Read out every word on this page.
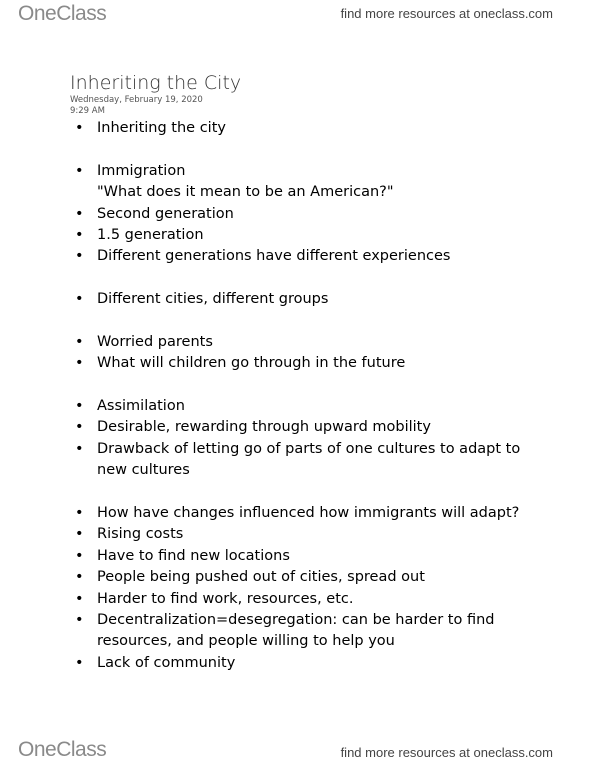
OneClass	find more resources at oneclass.com
Inheriting the City
Wednesday, February 19, 2020
9:29 AM
• Inheriting the city
• Immigration
"What does it mean to be an American?"
• Second generation
• 1.5 generation
• Different generations have different experiences
• Different cities, different groups
• Worried parents
• What will children go through in the future
• Assimilation
• Desirable, rewarding through upward mobility
• Drawback of letting go of parts of one cultures to adapt to
new cultures
• How have changes influenced how immigrants will adapt?
• Rising costs
• Have to find new locations
• People being pushed out of cities, spread out
• Harder to find work, resources, etc.
• Decentralization=desegregation: can be harder to find
resources, and people willing to help you
• Lack of community
OneClass	find more resources at oneclass.com
